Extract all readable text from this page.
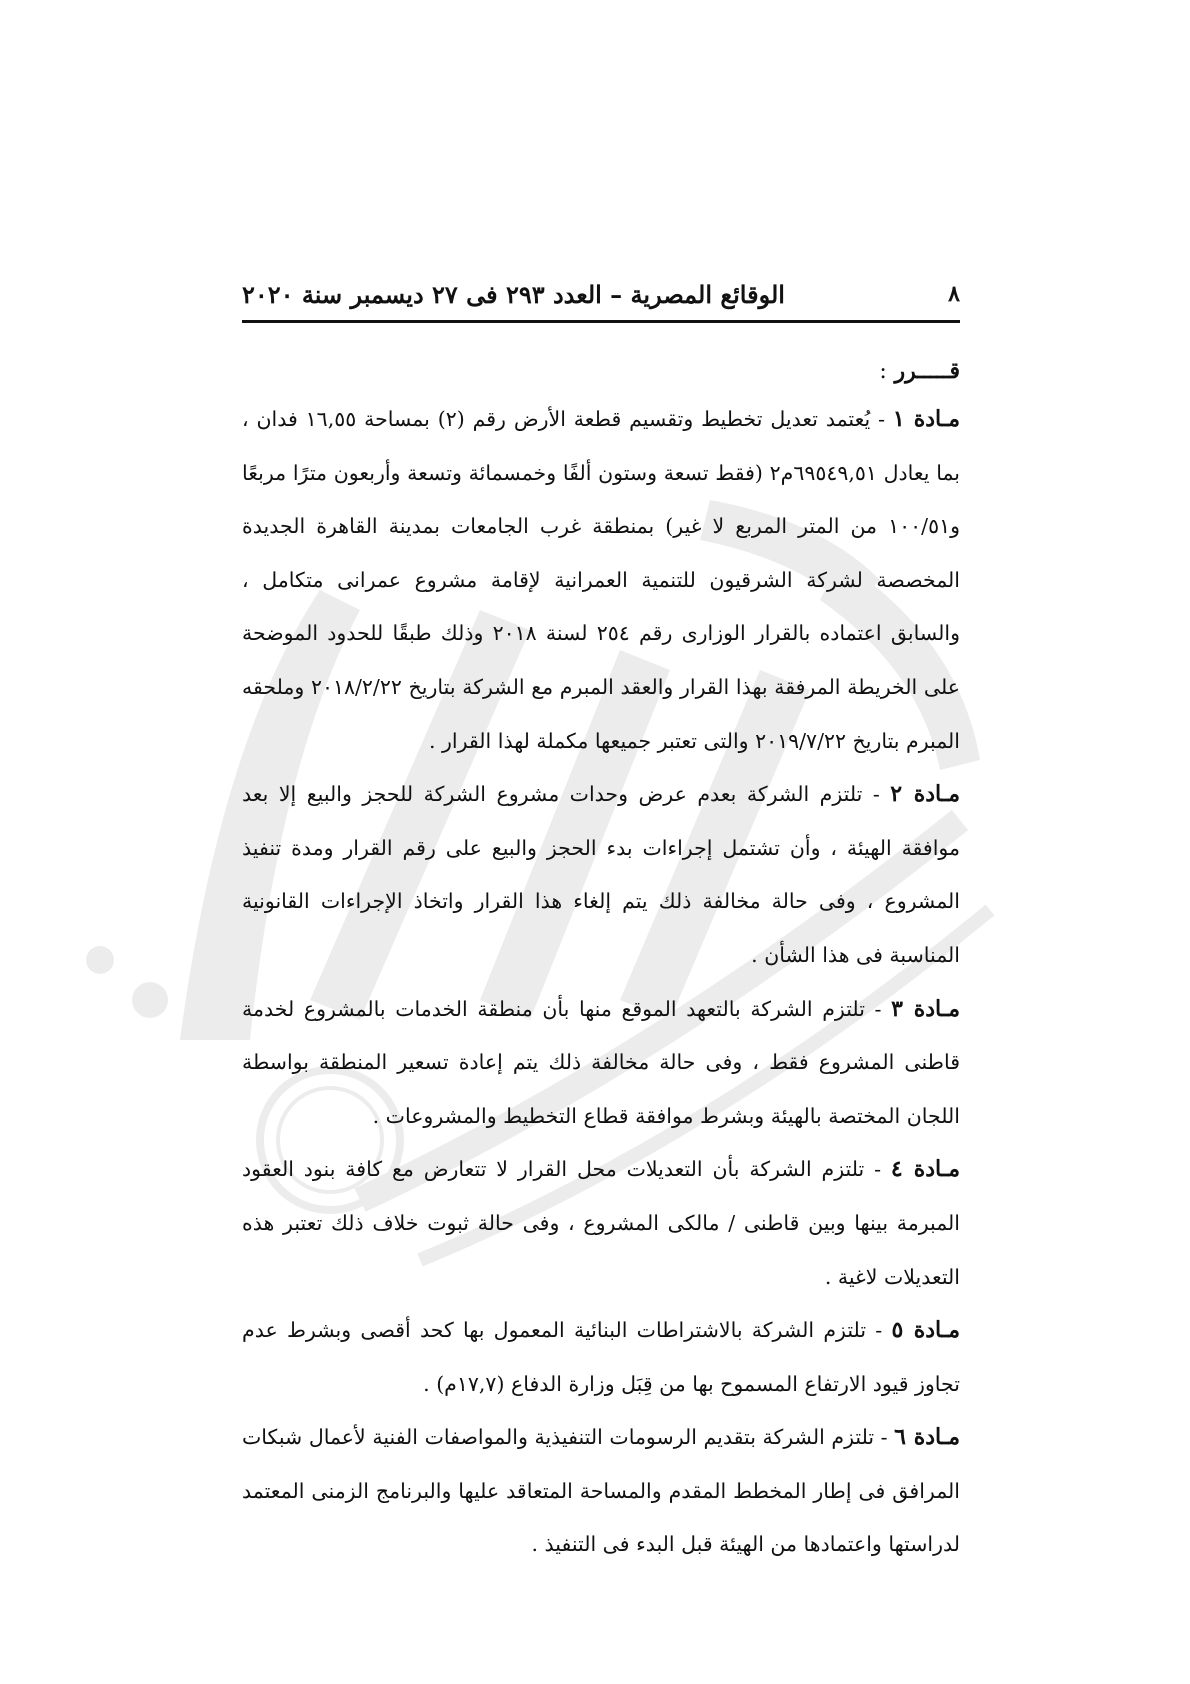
٨
الوقائع المصرية – العدد ٢٩٣ فى ٢٧ ديسمبر سنة ٢٠٢٠
قـــــرر :

مـادة ١ - يُعتمد تعديل تخطيط وتقسيم قطعة الأرض رقم (٢) بمساحة ١٦,٥٥ فدان ، بما يعادل ٦٩٥٤٩,٥١م٢ (فقط تسعة وستون ألفًا وخمسمائة وتسعة وأربعون مترًا مربعًا و١٠٠/٥١ من المتر المربع لا غير) بمنطقة غرب الجامعات بمدينة القاهرة الجديدة المخصصة لشركة الشرقيون للتنمية العمرانية لإقامة مشروع عمرانى متكامل ، والسابق اعتماده بالقرار الوزارى رقم ٢٥٤ لسنة ٢٠١٨ وذلك طبقًا للحدود الموضحة على الخريطة المرفقة بهذا القرار والعقد المبرم مع الشركة بتاريخ ٢٠١٨/٢/٢٢ وملحقه المبرم بتاريخ ٢٠١٩/٧/٢٢ والتى تعتبر جميعها مكملة لهذا القرار .

مـادة ٢ - تلتزم الشركة بعدم عرض وحدات مشروع الشركة للحجز والبيع إلا بعد موافقة الهيئة ، وأن تشتمل إجراءات بدء الحجز والبيع على رقم القرار ومدة تنفيذ المشروع ، وفى حالة مخالفة ذلك يتم إلغاء هذا القرار واتخاذ الإجراءات القانونية المناسبة فى هذا الشأن .

مـادة ٣ - تلتزم الشركة بالتعهد الموقع منها بأن منطقة الخدمات بالمشروع لخدمة قاطنى المشروع فقط ، وفى حالة مخالفة ذلك يتم إعادة تسعير المنطقة بواسطة اللجان المختصة بالهيئة وبشرط موافقة قطاع التخطيط والمشروعات .

مـادة ٤ - تلتزم الشركة بأن التعديلات محل القرار لا تتعارض مع كافة بنود العقود المبرمة بينها وبين قاطنى / مالكى المشروع ، وفى حالة ثبوت خلاف ذلك تعتبر هذه التعديلات لاغية .

مـادة ٥ - تلتزم الشركة بالاشتراطات البنائية المعمول بها كحد أقصى وبشرط عدم تجاوز قيود الارتفاع المسموح بها من قِبَل وزارة الدفاع (١٧,٧م) .

مـادة ٦ - تلتزم الشركة بتقديم الرسومات التنفيذية والمواصفات الفنية لأعمال شبكات المرافق فى إطار المخطط المقدم والمساحة المتعاقد عليها والبرنامج الزمنى المعتمد لدراستها واعتمادها من الهيئة قبل البدء فى التنفيذ .
